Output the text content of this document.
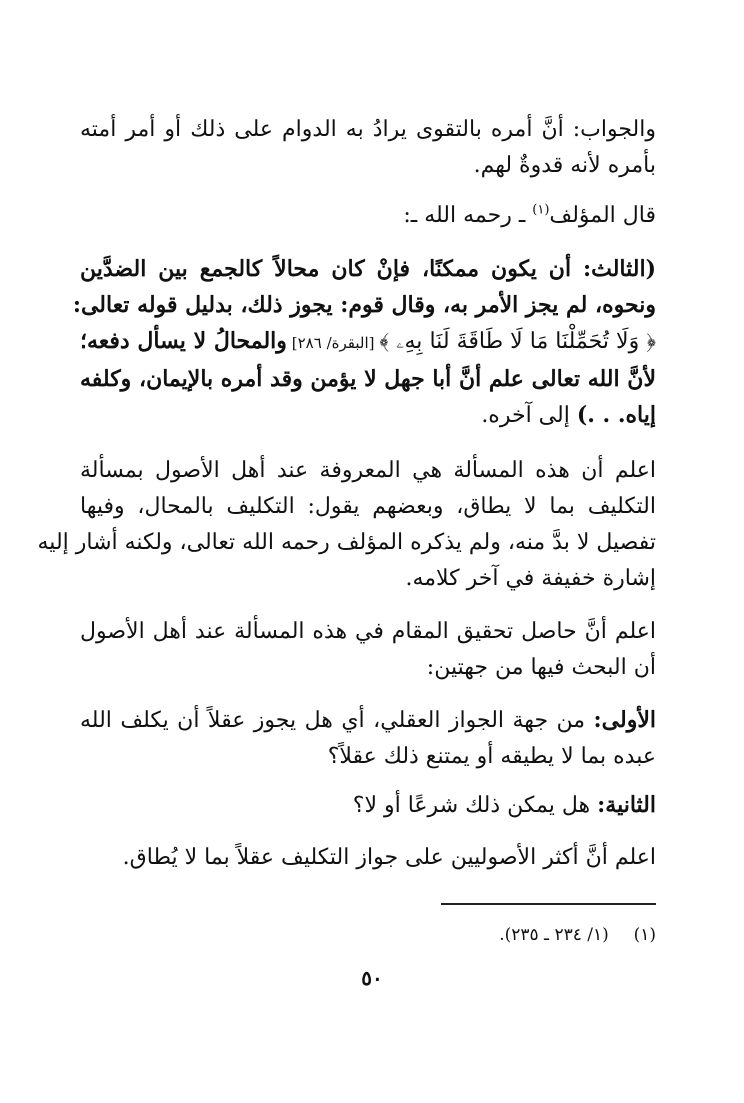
والجواب: أنَّ أمره بالتقوى يرادُ به الدوام على ذلك أو أمر أمته
بأمره لأنه قدوةٌ لهم.

قال المؤلف$^{(١)}$ ـ رحمه الله ـ:

(الثالث: أن يكون ممكنًا، فإنْ كان محالاً كالجمع بين الضدَّين
ونحوه، لم يجز الأمر به، وقال قوم: يجوز ذلك، بدليل قوله تعالى:
﴿ وَلَا تُحَمِّلْنَا مَا لَا طَاقَةَ لَنَا بِهِۦ ﴾ [البقرة/ ٢٨٦] والمحالُ لا يسأل دفعه؛
لأنَّ الله تعالى علم أنَّ أبا جهل لا يؤمن وقد أمره بالإيمان، وكلفه
إياه. . .) إلى آخره.

اعلم أن هذه المسألة هي المعروفة عند أهل الأصول بمسألة
التكليف بما لا يطاق، وبعضهم يقول: التكليف بالمحال، وفيها
تفصيل لا بدَّ منه، ولم يذكره المؤلف رحمه الله تعالى، ولكنه أشار إليه
إشارة خفيفة في آخر كلامه.

اعلم أنَّ حاصل تحقيق المقام في هذه المسألة عند أهل الأصول
أن البحث فيها من جهتين:

الأولى: من جهة الجواز العقلي، أي هل يجوز عقلاً أن يكلف الله
عبده بما لا يطيقه أو يمتنع ذلك عقلاً؟

الثانية: هل يمكن ذلك شرعًا أو لا؟

اعلم أنَّ أكثر الأصوليين على جواز التكليف عقلاً بما لا يُطاق.

(١)  (١/ ٢٣٤ ـ ٢٣٥).
٥٠
